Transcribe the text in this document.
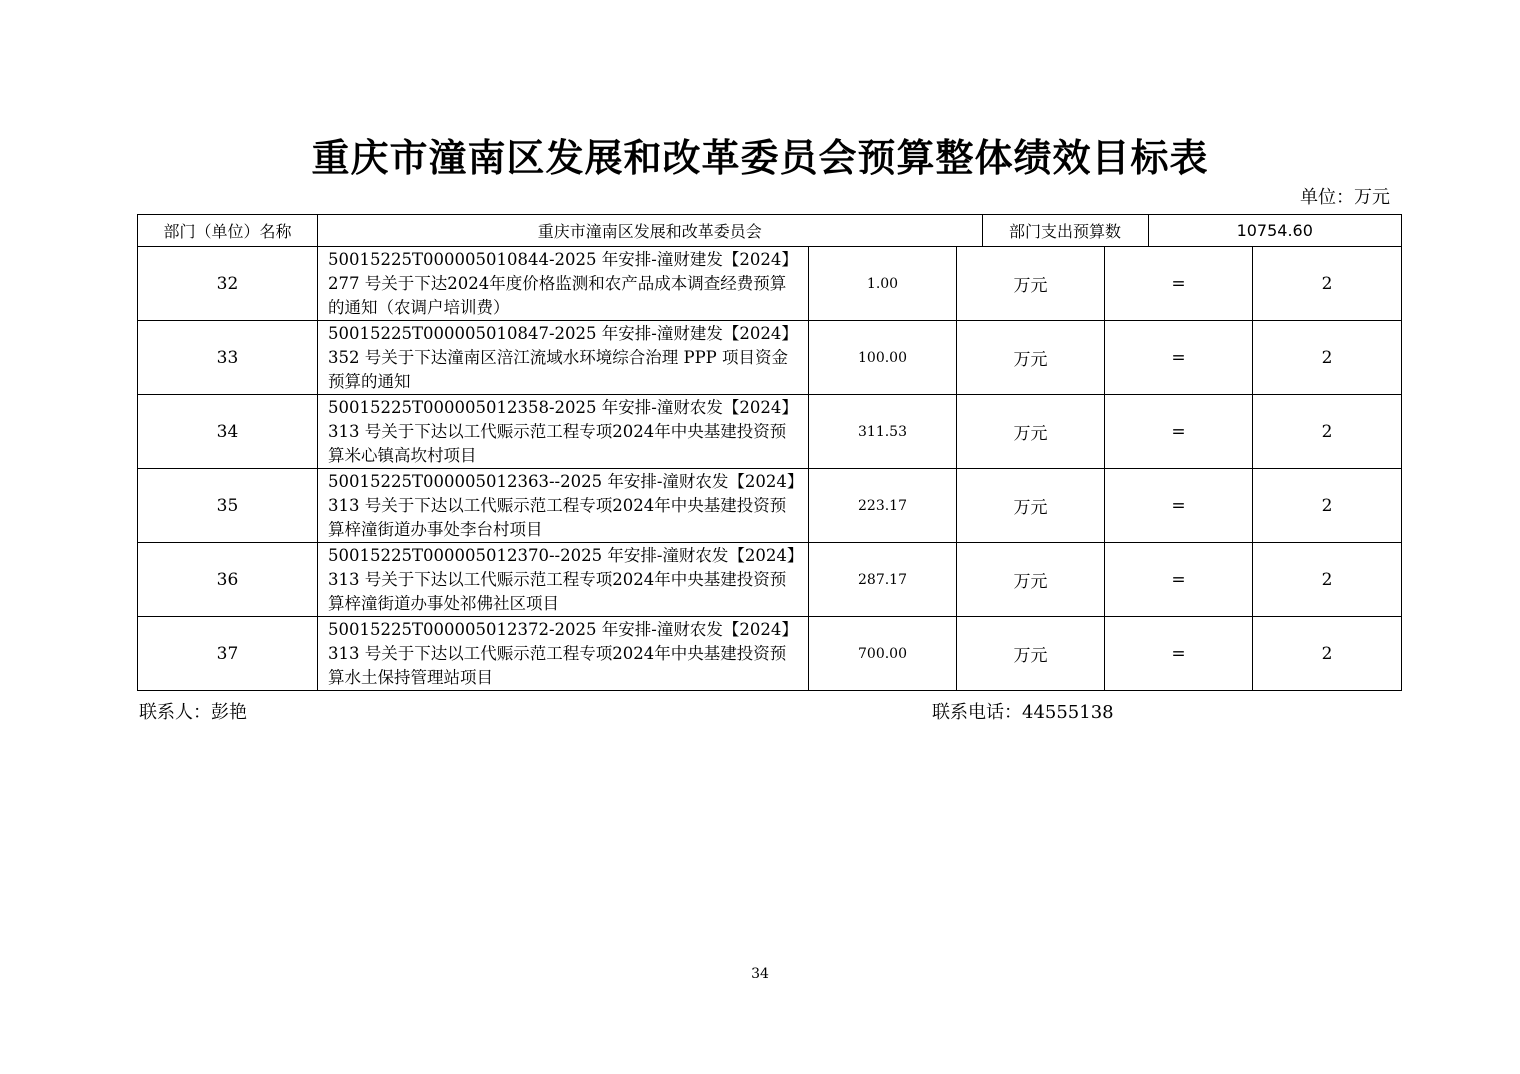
重庆市潼南区发展和改革委员会预算整体绩效目标表
单位：万元
部门（单位）名称		重庆市潼南区发展和改革委员会	部门支出预算数	10754.60

32	50015225T000005010844-2025 年安排-潼财建发【2024】277 号关于下达2024年度价格监测和农产品成本调查经费预算的通知（农调户培训费）	1.00	万元	=	2
33	50015225T000005010847-2025 年安排-潼财建发【2024】352 号关于下达潼南区涪江流域水环境综合治理 PPP 项目资金预算的通知	100.00	万元	=	2
34	50015225T000005012358-2025 年安排-潼财农发【2024】313 号关于下达以工代赈示范工程专项2024年中央基建投资预算米心镇高坎村项目	311.53	万元	=	2
35	50015225T000005012363--2025 年安排-潼财农发【2024】313 号关于下达以工代赈示范工程专项2024年中央基建投资预算梓潼街道办事处李台村项目	223.17	万元	=	2
36	50015225T000005012370--2025 年安排-潼财农发【2024】313 号关于下达以工代赈示范工程专项2024年中央基建投资预算梓潼街道办事处祁佛社区项目	287.17	万元	=	2
37	50015225T000005012372-2025 年安排-潼财农发【2024】313 号关于下达以工代赈示范工程专项2024年中央基建投资预算水土保持管理站项目	700.00	万元	=	2
联系人：彭艳	联系电话：44555138
34
